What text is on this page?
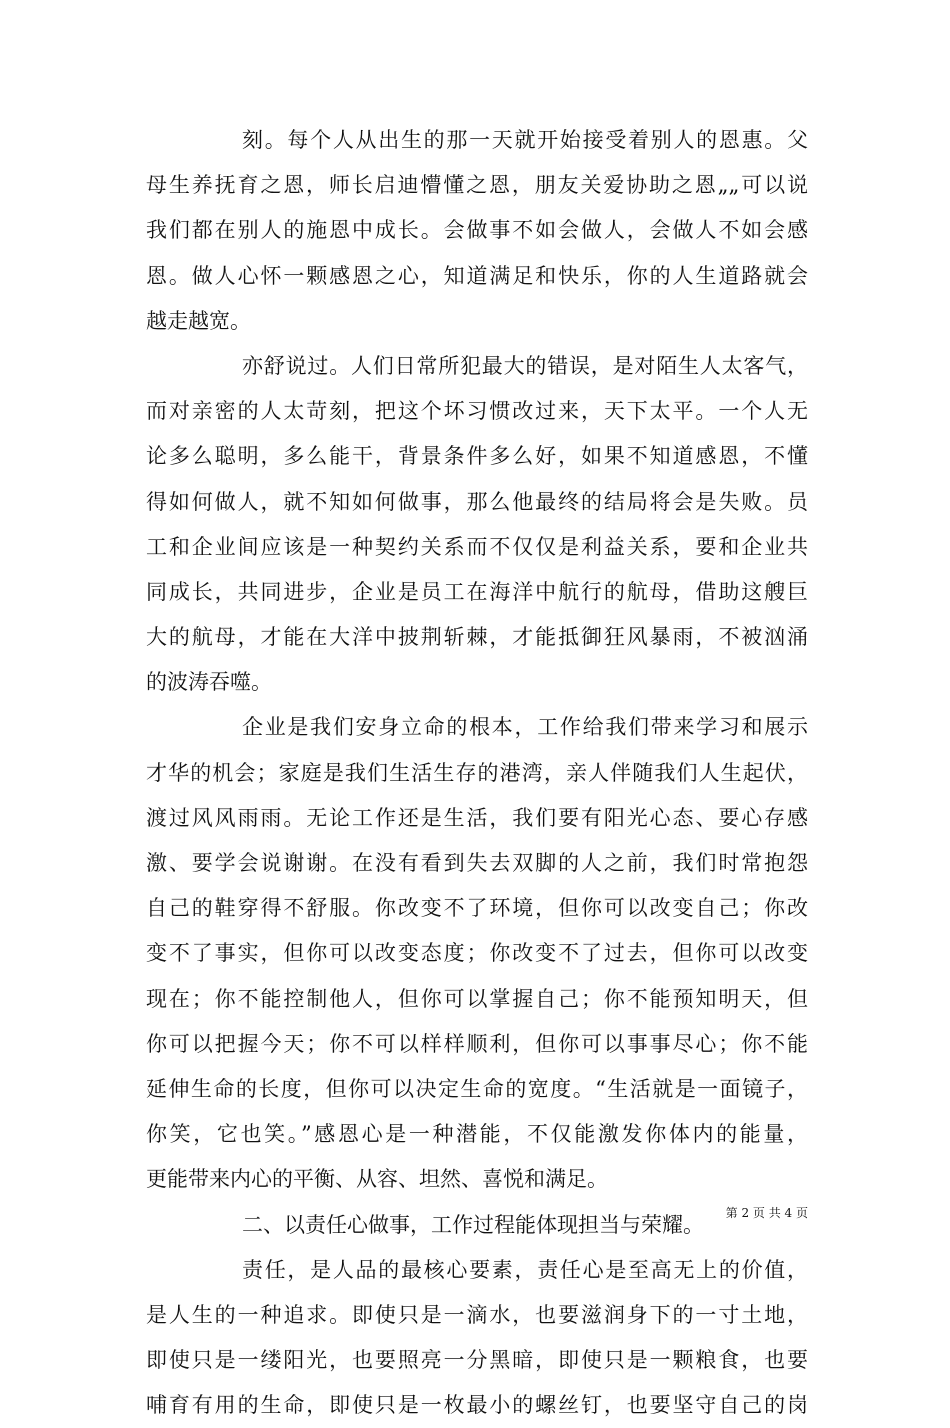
刻。每个人从出生的那一天就开始接受着别人的恩惠。父
母生养抚育之恩，师长启迪懵懂之恩，朋友关爱协助之恩„„可以说
我们都在别人的施恩中成长。会做事不如会做人，会做人不如会感
恩。做人心怀一颗感恩之心，知道满足和快乐，你的人生道路就会
越走越宽。
亦舒说过。人们日常所犯最大的错误，是对陌生人太客气，
而对亲密的人太苛刻，把这个坏习惯改过来，天下太平。一个人无
论多么聪明，多么能干，背景条件多么好，如果不知道感恩，不懂
得如何做人，就不知如何做事，那么他最终的结局将会是失败。员
工和企业间应该是一种契约关系而不仅仅是利益关系，要和企业共
同成长，共同进步，企业是员工在海洋中航行的航母，借助这艘巨
大的航母，才能在大洋中披荆斩棘，才能抵御狂风暴雨，不被汹涌
的波涛吞噬。
企业是我们安身立命的根本，工作给我们带来学习和展示
才华的机会；家庭是我们生活生存的港湾，亲人伴随我们人生起伏，
渡过风风雨雨。无论工作还是生活，我们要有阳光心态、要心存感
激、要学会说谢谢。在没有看到失去双脚的人之前，我们时常抱怨
自己的鞋穿得不舒服。你改变不了环境，但你可以改变自己；你改
变不了事实，但你可以改变态度；你改变不了过去，但你可以改变
现在；你不能控制他人，但你可以掌握自己；你不能预知明天，但
你可以把握今天；你不可以样样顺利，但你可以事事尽心；你不能
延伸生命的长度，但你可以决定生命的宽度。“生活就是一面镜子，
你笑，它也笑。”感恩心是一种潜能，不仅能激发你体内的能量，
更能带来内心的平衡、从容、坦然、喜悦和满足。
二、以责任心做事，工作过程能体现担当与荣耀。
责任，是人品的最核心要素，责任心是至高无上的价值，
是人生的一种追求。即使只是一滴水，也要滋润身下的一寸土地，
即使只是一缕阳光，也要照亮一分黑暗，即使只是一颗粮食，也要
哺育有用的生命，即使只是一枚最小的螺丝钉，也要坚守自己的岗
第 2 页 共 4 页
